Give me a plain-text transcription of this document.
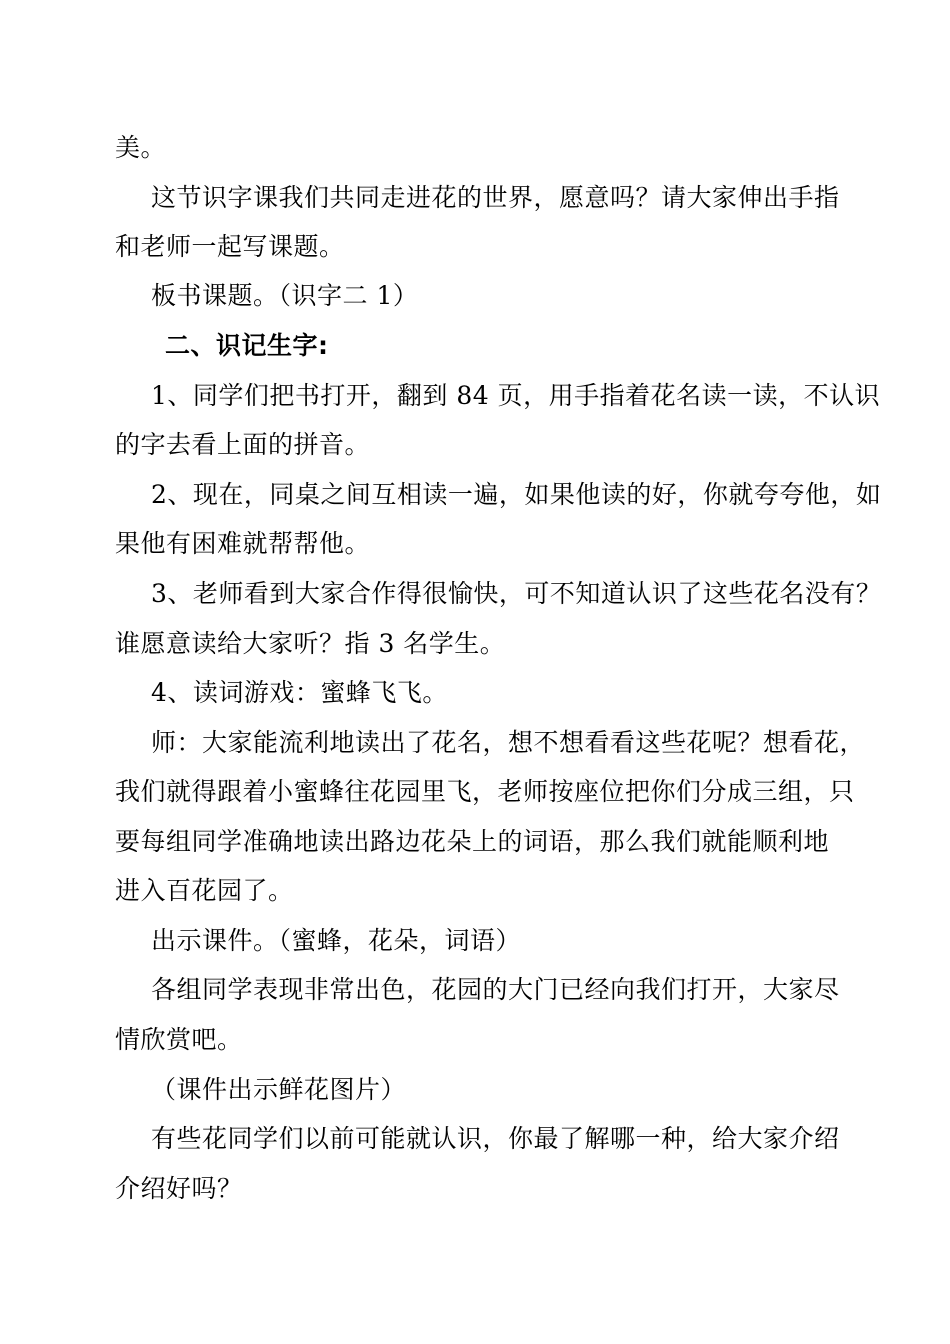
美。
这节识字课我们共同走进花的世界，愿意吗？请大家伸出手指
和老师一起写课题。
板书课题。（识字二 1）
二、识记生字:
1、同学们把书打开，翻到 84 页，用手指着花名读一读，不认识
的字去看上面的拼音。
2、现在，同桌之间互相读一遍，如果他读的好，你就夸夸他，如
果他有困难就帮帮他。
3、老师看到大家合作得很愉快，可不知道认识了这些花名没有？
谁愿意读给大家听？指 3 名学生。
4、读词游戏：蜜蜂飞飞。
师：大家能流利地读出了花名，想不想看看这些花呢？想看花，
我们就得跟着小蜜蜂往花园里飞，老师按座位把你们分成三组，只
要每组同学准确地读出路边花朵上的词语，那么我们就能顺利地
进入百花园了。
出示课件。（蜜蜂，花朵，词语）
各组同学表现非常出色，花园的大门已经向我们打开，大家尽
情欣赏吧。
（课件出示鲜花图片）
有些花同学们以前可能就认识，你最了解哪一种，给大家介绍
介绍好吗？
